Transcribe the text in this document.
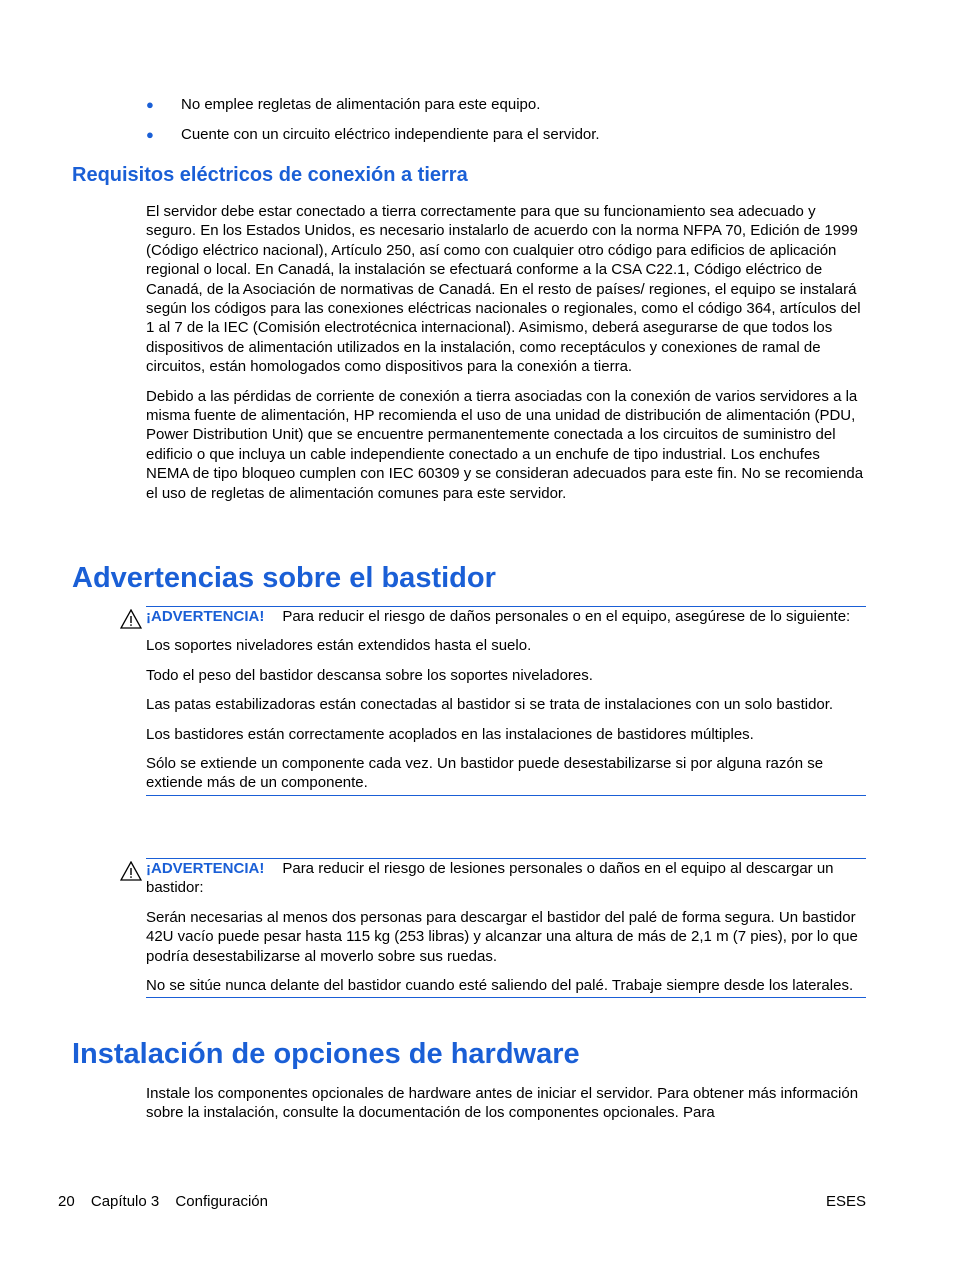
● No emplee regletas de alimentación para este equipo.
● Cuente con un circuito eléctrico independiente para el servidor.
Requisitos eléctricos de conexión a tierra

El servidor debe estar conectado a tierra correctamente para que su funcionamiento sea adecuado y seguro. En los Estados Unidos, es necesario instalarlo de acuerdo con la norma NFPA 70, Edición de 1999 (Código eléctrico nacional), Artículo 250, así como con cualquier otro código para edificios de aplicación regional o local. En Canadá, la instalación se efectuará conforme a la CSA C22.1, Código eléctrico de Canadá, de la Asociación de normativas de Canadá. En el resto de países/ regiones, el equipo se instalará según los códigos para las conexiones eléctricas nacionales o regionales, como el código 364, artículos del 1 al 7 de la IEC (Comisión electrotécnica internacional). Asimismo, deberá asegurarse de que todos los dispositivos de alimentación utilizados en la instalación, como receptáculos y conexiones de ramal de circuitos, están homologados como dispositivos para la conexión a tierra.

Debido a las pérdidas de corriente de conexión a tierra asociadas con la conexión de varios servidores a la misma fuente de alimentación, HP recomienda el uso de una unidad de distribución de alimentación (PDU, Power Distribution Unit) que se encuentre permanentemente conectada a los circuitos de suministro del edificio o que incluya un cable independiente conectado a un enchufe de tipo industrial. Los enchufes NEMA de tipo bloqueo cumplen con IEC 60309 y se consideran adecuados para este fin. No se recomienda el uso de regletas de alimentación comunes para este servidor.

Advertencias sobre el bastidor

¡ADVERTENCIA! Para reducir el riesgo de daños personales o en el equipo, asegúrese de lo siguiente:

Los soportes niveladores están extendidos hasta el suelo.

Todo el peso del bastidor descansa sobre los soportes niveladores.

Las patas estabilizadoras están conectadas al bastidor si se trata de instalaciones con un solo bastidor.

Los bastidores están correctamente acoplados en las instalaciones de bastidores múltiples.

Sólo se extiende un componente cada vez. Un bastidor puede desestabilizarse si por alguna razón se extiende más de un componente.

¡ADVERTENCIA! Para reducir el riesgo de lesiones personales o daños en el equipo al descargar un bastidor:

Serán necesarias al menos dos personas para descargar el bastidor del palé de forma segura. Un bastidor 42U vacío puede pesar hasta 115 kg (253 libras) y alcanzar una altura de más de 2,1 m (7 pies), por lo que podría desestabilizarse al moverlo sobre sus ruedas.

No se sitúe nunca delante del bastidor cuando esté saliendo del palé. Trabaje siempre desde los laterales.

Instalación de opciones de hardware

Instale los componentes opcionales de hardware antes de iniciar el servidor. Para obtener más información sobre la instalación, consulte la documentación de los componentes opcionales. Para

20 Capítulo 3 Configuración	ESES
